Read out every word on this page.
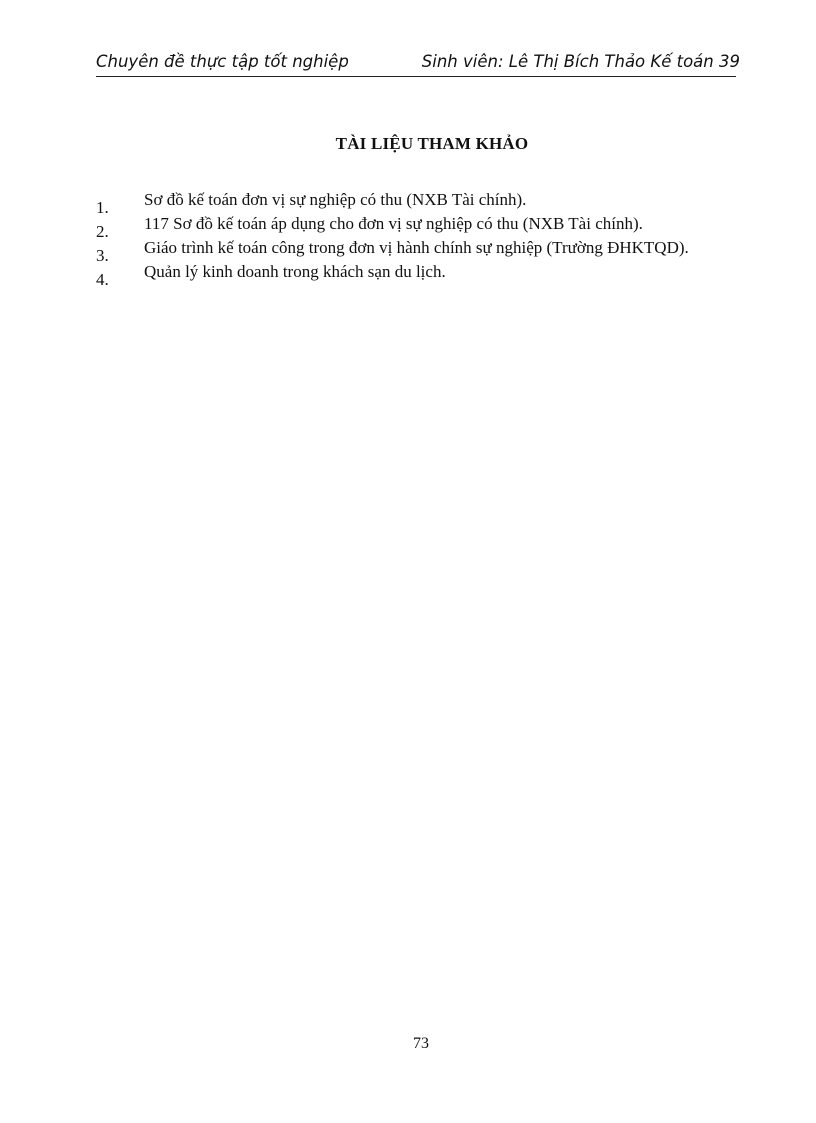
Chuyên đề thực tập tốt nghiệp	Sinh viên: Lê Thị Bích Thảo Kế toán 39
TÀI LIỆU THAM KHẢO
1. Sơ đồ kế toán đơn vị sự nghiệp có thu (NXB Tài chính).
2. 117 Sơ đồ kế toán áp dụng cho đơn vị sự nghiệp có thu (NXB Tài chính).
3. Giáo trình kế toán công trong đơn vị hành chính sự nghiệp (Trường ĐHKTQD).
4. Quản lý kinh doanh trong khách sạn du lịch.
73
